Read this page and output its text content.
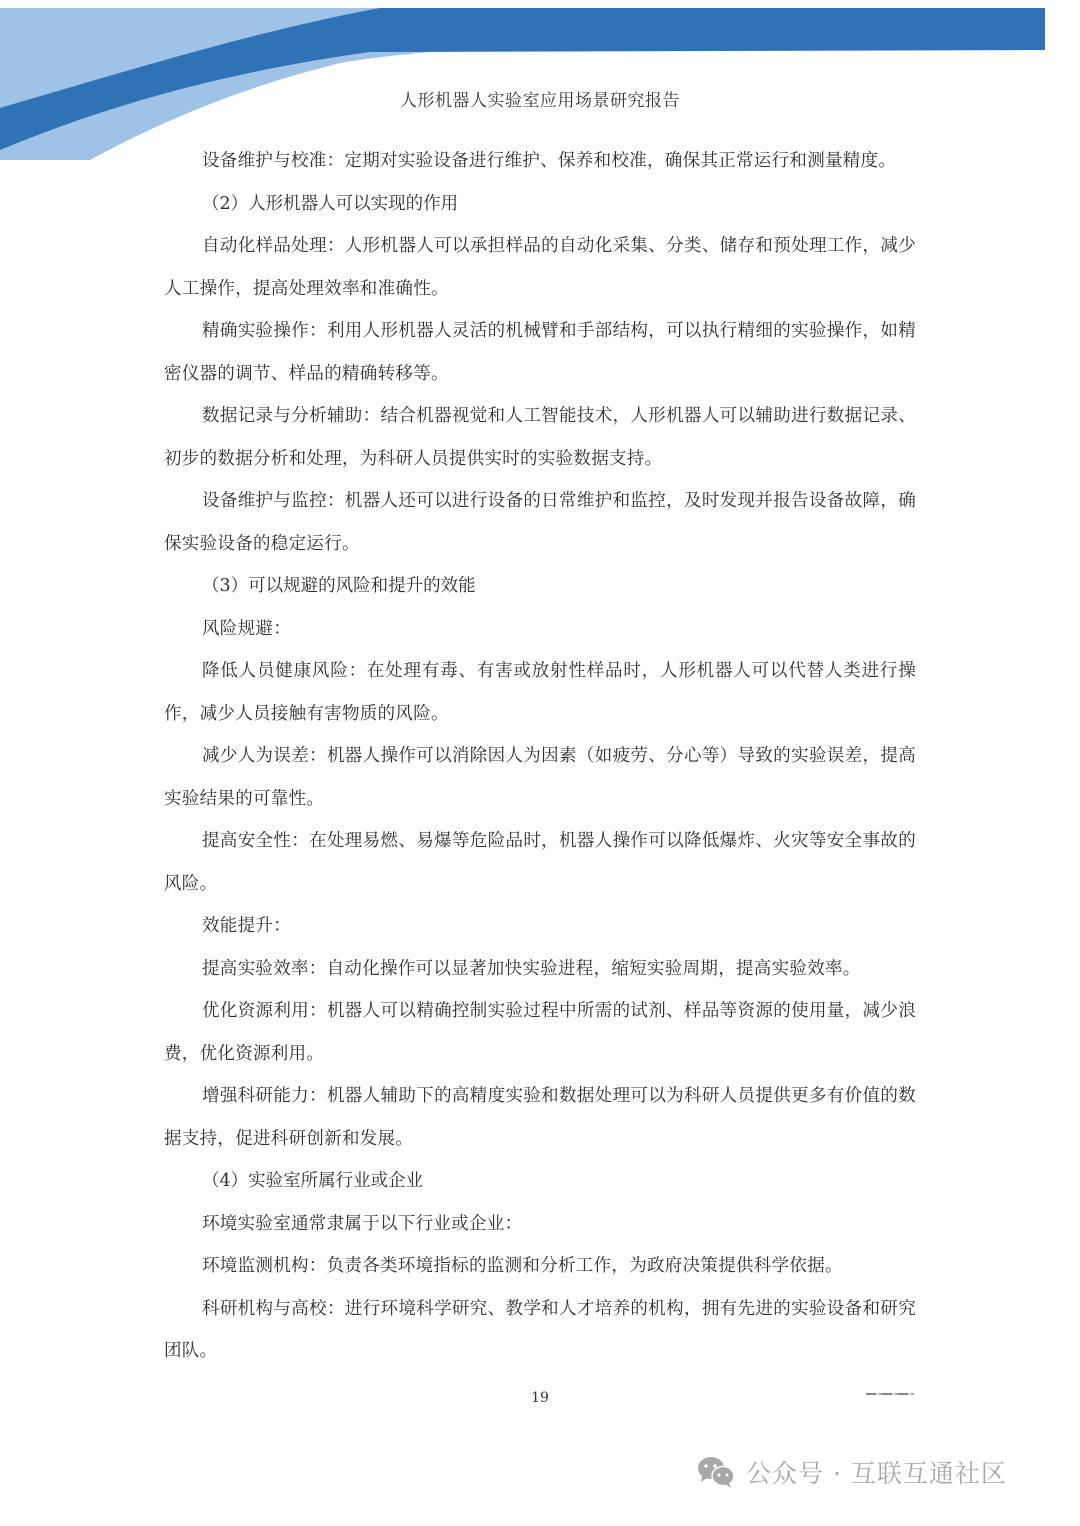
人形机器人实验室应用场景研究报告

设备维护与校准：定期对实验设备进行维护、保养和校准，确保其正常运行和测量精度。

（2）人形机器人可以实现的作用

自动化样品处理：人形机器人可以承担样品的自动化采集、分类、储存和预处理工作，减少人工操作，提高处理效率和准确性。

精确实验操作：利用人形机器人灵活的机械臂和手部结构，可以执行精细的实验操作，如精密仪器的调节、样品的精确转移等。

数据记录与分析辅助：结合机器视觉和人工智能技术，人形机器人可以辅助进行数据记录、初步的数据分析和处理，为科研人员提供实时的实验数据支持。

设备维护与监控：机器人还可以进行设备的日常维护和监控，及时发现并报告设备故障，确保实验设备的稳定运行。

（3）可以规避的风险和提升的效能

风险规避：

降低人员健康风险：在处理有毒、有害或放射性样品时，人形机器人可以代替人类进行操作，减少人员接触有害物质的风险。

减少人为误差：机器人操作可以消除因人为因素（如疲劳、分心等）导致的实验误差，提高实验结果的可靠性。

提高安全性：在处理易燃、易爆等危险品时，机器人操作可以降低爆炸、火灾等安全事故的风险。

效能提升：

提高实验效率：自动化操作可以显著加快实验进程，缩短实验周期，提高实验效率。

优化资源利用：机器人可以精确控制实验过程中所需的试剂、样品等资源的使用量，减少浪费，优化资源利用。

增强科研能力：机器人辅助下的高精度实验和数据处理可以为科研人员提供更多有价值的数据支持，促进科研创新和发展。

（4）实验室所属行业或企业

环境实验室通常隶属于以下行业或企业：

环境监测机构：负责各类环境指标的监测和分析工作，为政府决策提供科学依据。

科研机构与高校：进行环境科学研究、教学和人才培养的机构，拥有先进的实验设备和研究团队。

19
公众号 · 互联互通社区
